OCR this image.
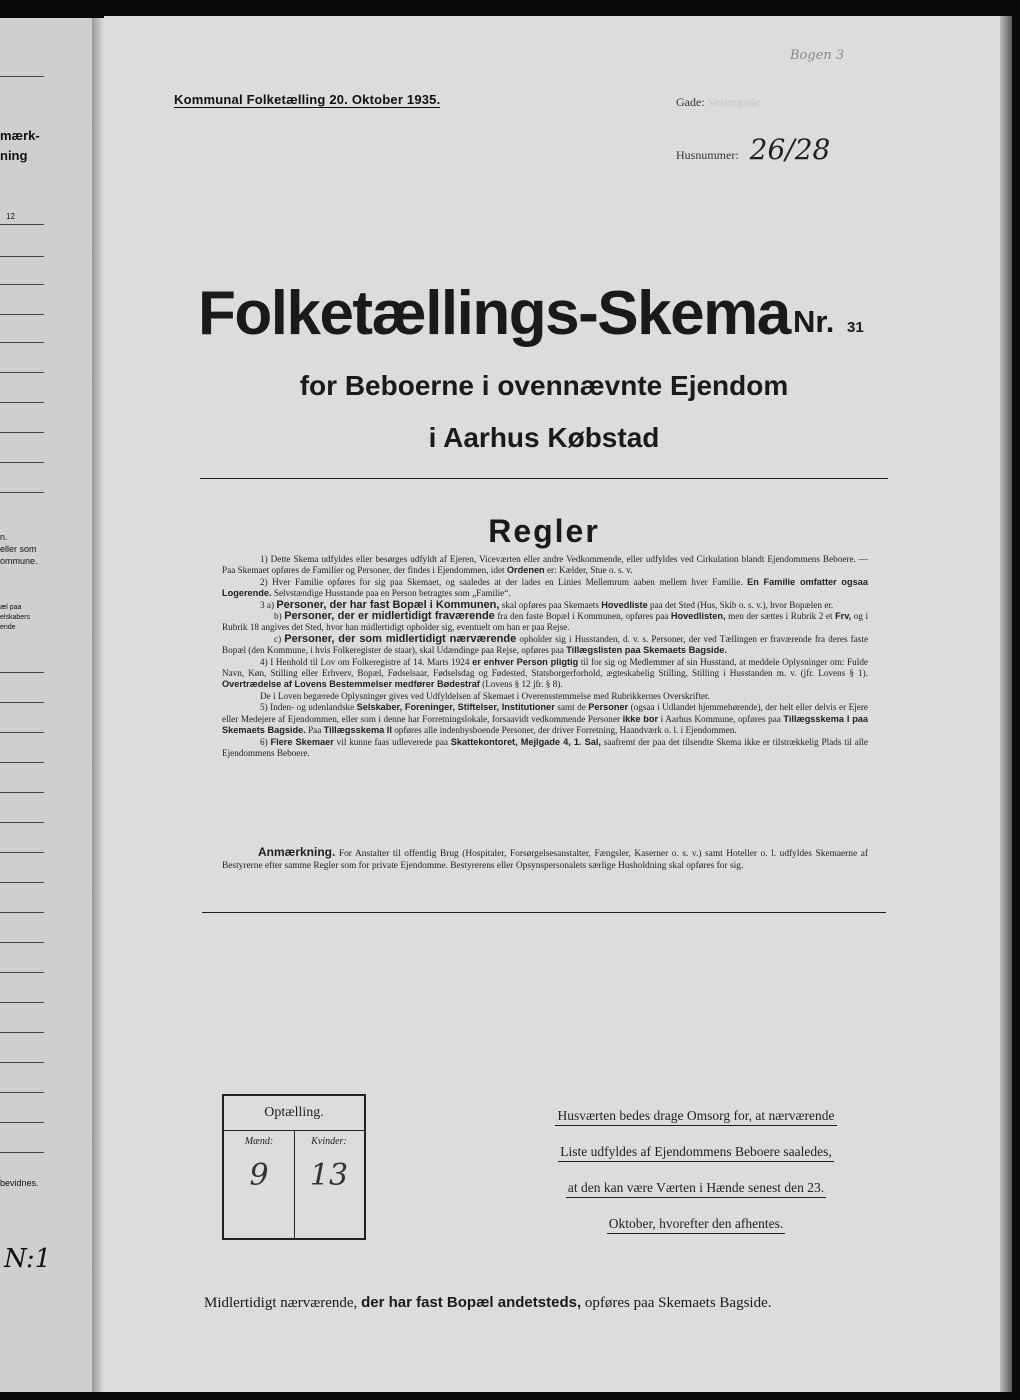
mærk-
ning
12
n.
eller som
ommune.
æl paa
elskabers
ende
bevidnes.
N:1
Bogen 3
Kommunal Folketælling 20. Oktober 1935.	Gade: Vestergade
Husnummer: 26/28
Folketællings-Skema Nr. 31
for Beboerne i ovennævnte Ejendom
i Aarhus Købstad
Regler

1) Dette Skema udfyldes eller besørges udfyldt af Ejeren, Viceværten eller andre Vedkommende, eller udfyldes ved Cirkulation blandt Ejendommens Beboere. — Paa Skemaet opføres de Familier og Personer, der findes i Ejendommen, idet Ordenen er: Kælder, Stue o. s. v.

2) Hver Familie opføres for sig paa Skemaet, og saaledes at der lades en Linies Mellemrum aaben mellem hver Familie. En Familie omfatter ogsaa Logerende. Selvstændige Husstande paa en Person betragtes som „Familie“.

3 a) Personer, der har fast Bopæl i Kommunen, skal opføres paa Skemaets Hovedliste paa det Sted (Hus, Skib o. s. v.), hvor Bopælen er.

b) Personer, der er midlertidigt fraværende fra den faste Bopæl i Kommunen, opføres paa Hovedlisten, men der sættes i Rubrik 2 et Frv, og i Rubrik 18 angives det Sted, hvor han midlertidigt opholder sig, eventuelt om han er paa Rejse.

c) Personer, der som midlertidigt nærværende opholder sig i Husstanden, d. v. s. Personer, der ved Tællingen er fraværende fra deres faste Bopæl (den Kommune, i hvis Folkeregister de staar), skal Udændinge paa Rejse, opføres paa Tillægslisten paa Skemaets Bagside.

4) I Henhold til Lov om Folkeregistre af 14. Marts 1924 er enhver Person pligtig til for sig og Medlemmer af sin Husstand, at meddele Oplysninger om: Fulde Navn, Køn, Stilling eller Erhverv, Bopæl, Fødselsaar, Fødselsdag og Fødested, Statsborgerforhold, ægteskabelig Stilling, Stilling i Husstanden m. v. (jfr. Lovens § 1). Overtrædelse af Lovens Bestemmelser medfører Bødestraf (Lovens § 12 jfr. § 8).

De i Loven begærede Oplysninger gives ved Udfyldelsen af Skemaet i Overensstemmelse med Rubrikkernes Overskrifter.

5) Inden- og udenlandske Selskaber, Foreninger, Stiftelser, Institutioner samt de Personer (ogsaa i Udlandet hjemmehørende), der helt eller delvis er Ejere eller Medejere af Ejendommen, eller som i denne har Forretningslokale, forsaavidt vedkommende Personer ikke bor i Aarhus Kommune, opføres paa Tillægsskema I paa Skemaets Bagside. Paa Tillægsskema II opføres alle indenbysboende Personer, der driver Forretning, Haandværk o. l. i Ejendommen.

6) Flere Skemaer vil kunne faas udleverede paa Skattekontoret, Mejlgade 4, 1. Sal, saafremt der paa det tilsendte Skema ikke er tilstrækkelig Plads til alle Ejendommens Beboere.

Anmærkning. For Anstalter til offentlig Brug (Hospitaler, Forsørgelsesanstalter, Fængsler, Kaserner o. s. v.) samt Hoteller o. l. udfyldes Skemaerne af Bestyrerne efter samme Regler som for private Ejendomme. Bestyrerens eller Opsynspersonalets særlige Husholdning skal opføres for sig.

Optælling.
Mænd:
9
Kvinder:
13
Husværten bedes drage Omsorg for, at nærværende
Liste udfyldes af Ejendommens Beboere saaledes,
at den kan være Værten i Hænde senest den 23.
Oktober, hvorefter den afhentes.
Midlertidigt nærværende, der har fast Bopæl andetsteds, opføres paa Skemaets Bagside.
